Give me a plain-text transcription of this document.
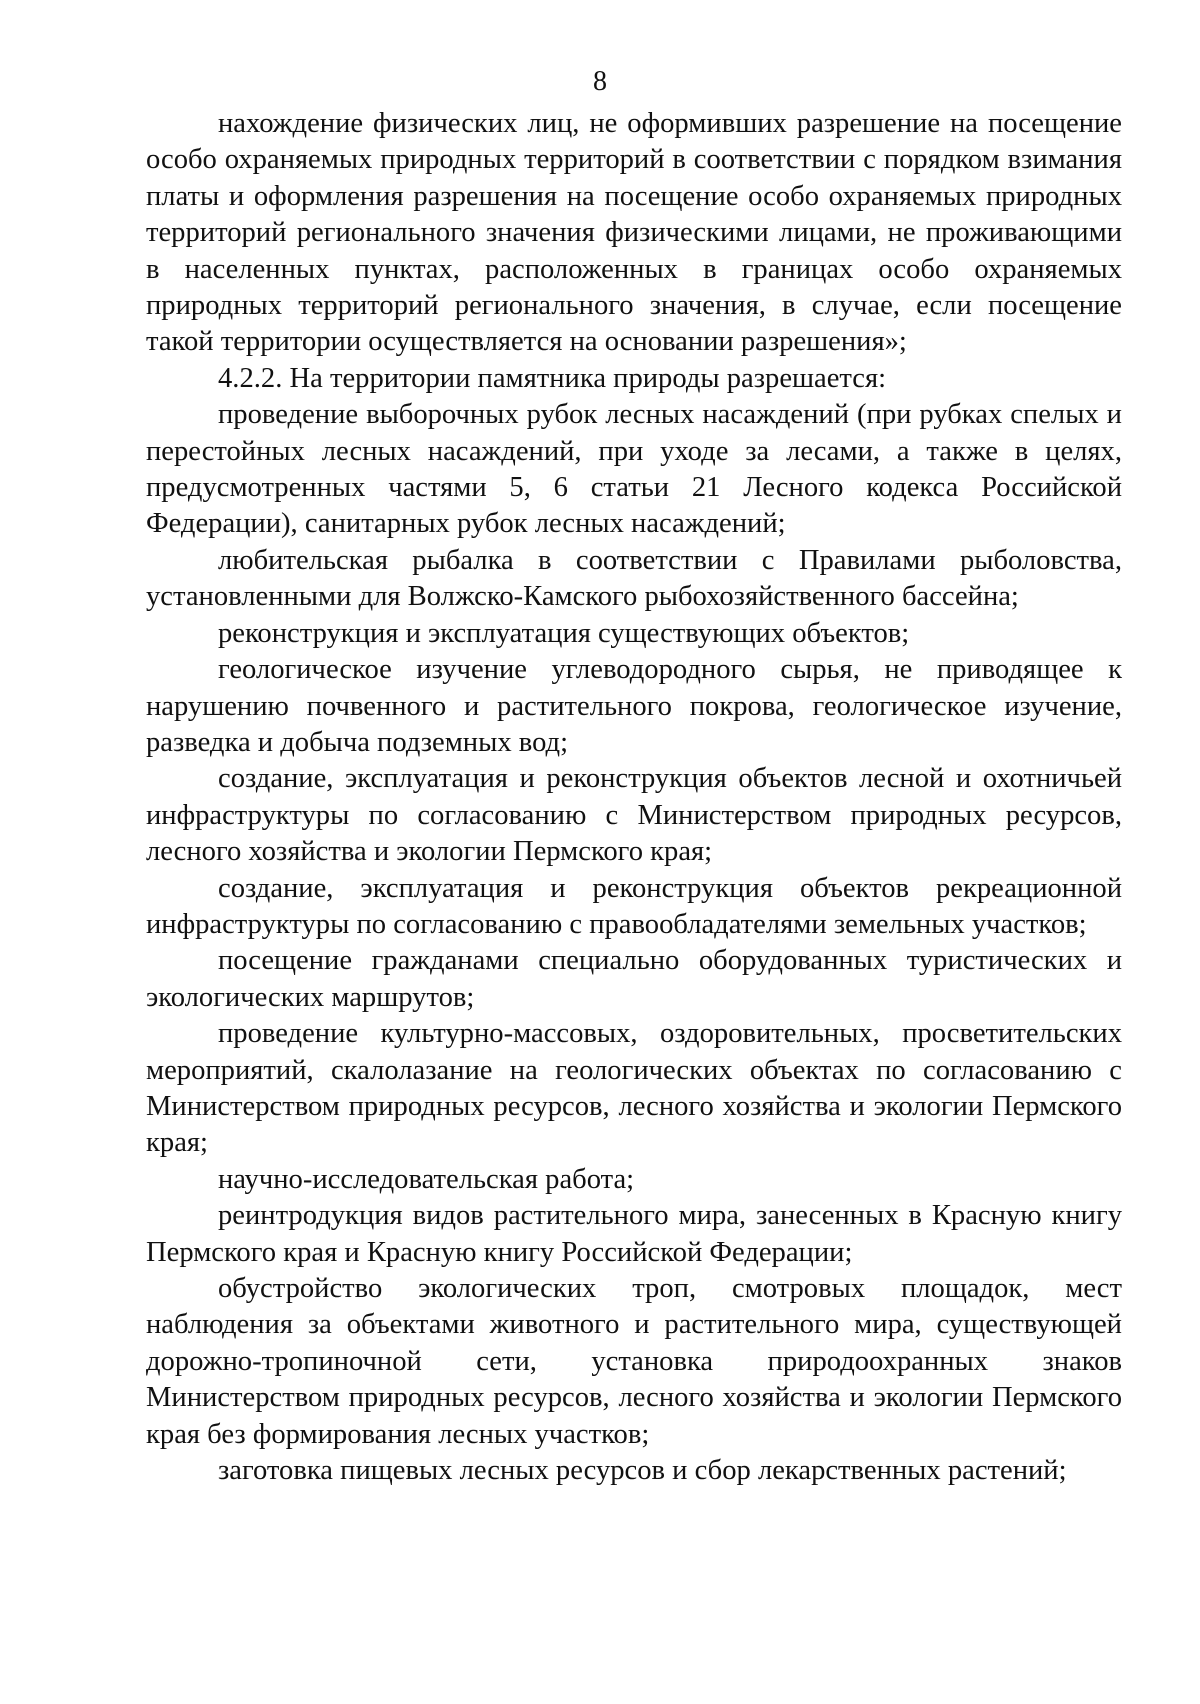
8

нахождение физических лиц, не оформивших разрешение на посещение особо охраняемых природных территорий в соответствии с порядком взимания платы и оформления разрешения на посещение особо охраняемых природных территорий регионального значения физическими лицами, не проживающими в населенных пунктах, расположенных в границах особо охраняемых природных территорий регионального значения, в случае, если посещение такой территории осуществляется на основании разрешения»;

4.2.2. На территории памятника природы разрешается:

проведение выборочных рубок лесных насаждений (при рубках спелых и перестойных лесных насаждений, при уходе за лесами, а также в целях, предусмотренных частями 5, 6 статьи 21 Лесного кодекса Российской Федерации), санитарных рубок лесных насаждений;

любительская рыбалка в соответствии с Правилами рыболовства, установленными для Волжско-Камского рыбохозяйственного бассейна;

реконструкция и эксплуатация существующих объектов;

геологическое изучение углеводородного сырья, не приводящее к нарушению почвенного и растительного покрова, геологическое изучение, разведка и добыча подземных вод;

создание, эксплуатация и реконструкция объектов лесной и охотничьей инфраструктуры по согласованию с Министерством природных ресурсов, лесного хозяйства и экологии Пермского края;

создание, эксплуатация и реконструкция объектов рекреационной инфраструктуры по согласованию с правообладателями земельных участков;

посещение гражданами специально оборудованных туристических и экологических маршрутов;

проведение культурно-массовых, оздоровительных, просветительских мероприятий, скалолазание на геологических объектах по согласованию с Министерством природных ресурсов, лесного хозяйства и экологии Пермского края;

научно-исследовательская работа;

реинтродукция видов растительного мира, занесенных в Красную книгу Пермского края и Красную книгу Российской Федерации;

обустройство экологических троп, смотровых площадок, мест наблюдения за объектами животного и растительного мира, существующей дорожно-тропиночной сети, установка природоохранных знаков Министерством природных ресурсов, лесного хозяйства и экологии Пермского края без формирования лесных участков;

заготовка пищевых лесных ресурсов и сбор лекарственных растений;
